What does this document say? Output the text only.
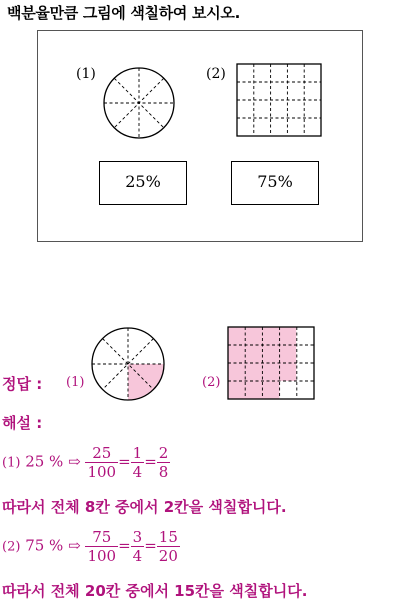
백분율만큼 그림에 색칠하여 보시오.
(1)	(2)
25%	75%
정답 : (1)	(2)
해설 :
(1) 25 % ⇨ $\frac{25}{100} = \frac{1}{4} = \frac{2}{8}$
따라서 전체 8칸 중에서 2칸을 색칠합니다.
(2) 75 % ⇨ $\frac{75}{100} = \frac{3}{4} = \frac{15}{20}$
따라서 전체 20칸 중에서 15칸을 색칠합니다.
